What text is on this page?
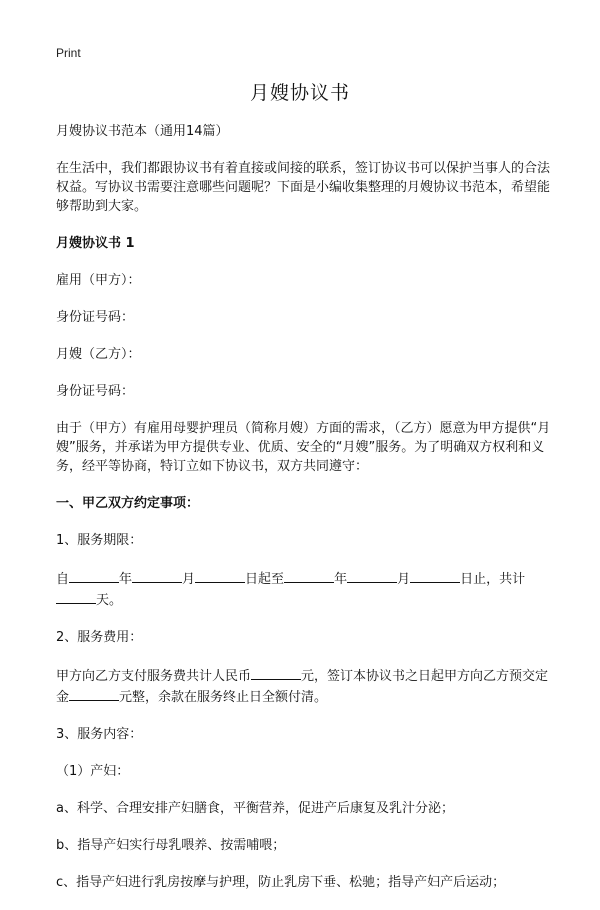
Print
月嫂协议书

月嫂协议书范本（通用14篇）

在生活中，我们都跟协议书有着直接或间接的联系，签订协议书可以保护当事人的合法权益。写协议书需要注意哪些问题呢？下面是小编收集整理的月嫂协议书范本，希望能够帮助到大家。

月嫂协议书 1

雇用（甲方）：

身份证号码：

月嫂（乙方）：

身份证号码：

由于（甲方）有雇用母婴护理员（简称月嫂）方面的需求，（乙方）愿意为甲方提供“月嫂”服务，并承诺为甲方提供专业、优质、安全的“月嫂”服务。为了明确双方权利和义务，经平等协商，特订立如下协议书，双方共同遵守：

一、甲乙双方约定事项：

1、服务期限：

自	年	月	日起至	年	月	日止，共计天。

2、服务费用：

甲方向乙方支付服务费共计人民币	元，签订本协议书之日起甲方向乙方预交定金	元整，余款在服务终止日全额付清。

3、服务内容：

（1）产妇：

a、科学、合理安排产妇膳食，平衡营养，促进产后康复及乳汁分泌；

b、指导产妇实行母乳喂养、按需哺喂；

c、指导产妇进行乳房按摩与护理，防止乳房下垂、松驰；指导产妇产后运动；
